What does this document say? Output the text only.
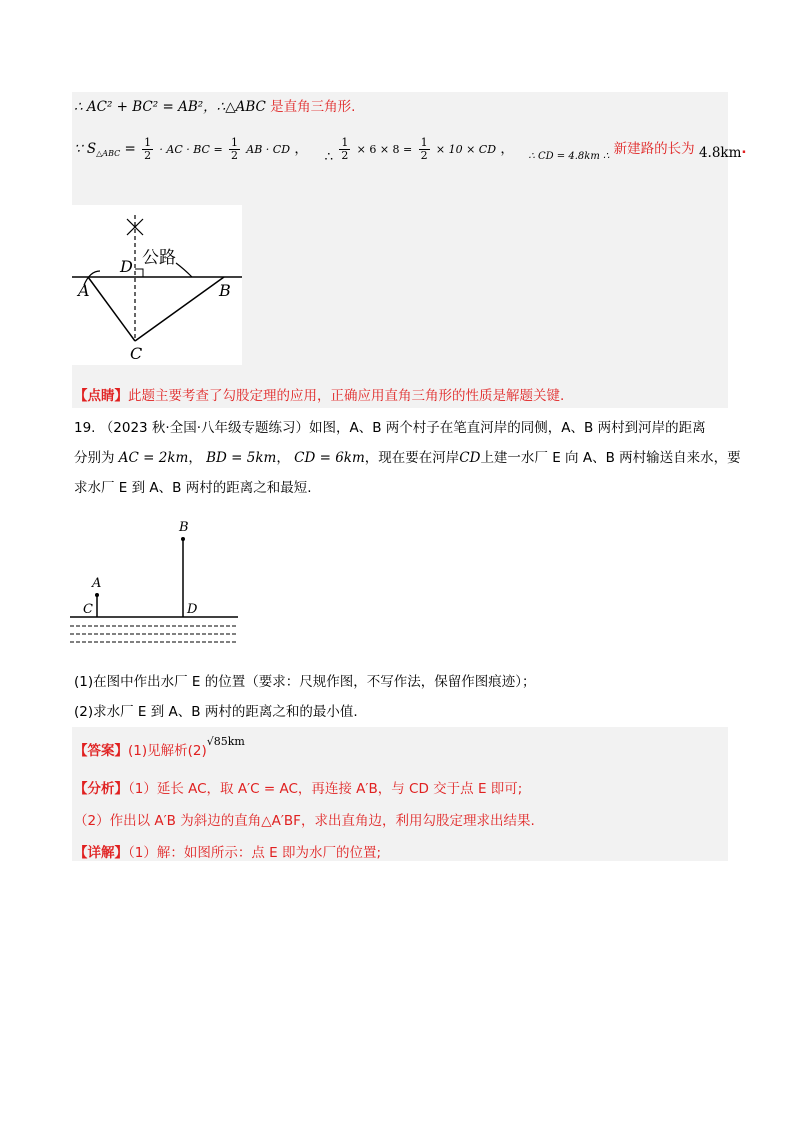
∴ AC² + BC² = AB²，∴△ABC 是直角三角形.
∵ $S_{\triangle ABC} = \frac{1}{2}$ · AC · BC = $\frac{1}{2}$ AB · CD ， ∴ $\frac{1}{2} \times 6 \times 8 = \frac{1}{2} \times 10$ × CD ， $_{\therefore CD = 4.8km \therefore}$ 新建路的长为 4.8km.
公路
D
A	B
C
【点睛】此题主要考查了勾股定理的应用，正确应用直角三角形的性质是解题关键.
19. （2023 秋·全国·八年级专题练习）如图，A、B 两个村子在笔直河岸的同侧，A、B 两村到河岸的距离
分别为 AC = 2km， BD = 5km， CD = 6km，现在要在河岸CD上建一水厂 E 向 A、B 两村输送自来水，要
求水厂 E 到 A、B 两村的距离之和最短.
B
A
C	D
(1)在图中作出水厂 E 的位置（要求：尺规作图，不写作法，保留作图痕迹）；
(2)求水厂 E 到 A、B 两村的距离之和的最小值.
【答案】(1)见解析$(2)^{√85km}$
【分析】（1）延长 AC，取 A′C = AC，再连接 A′B，与 CD 交于点 E 即可;
（2）作出以 A′B 为斜边的直角△A′BF，求出直角边，利用勾股定理求出结果.
【详解】（1）解：如图所示：点 E 即为水厂的位置;
